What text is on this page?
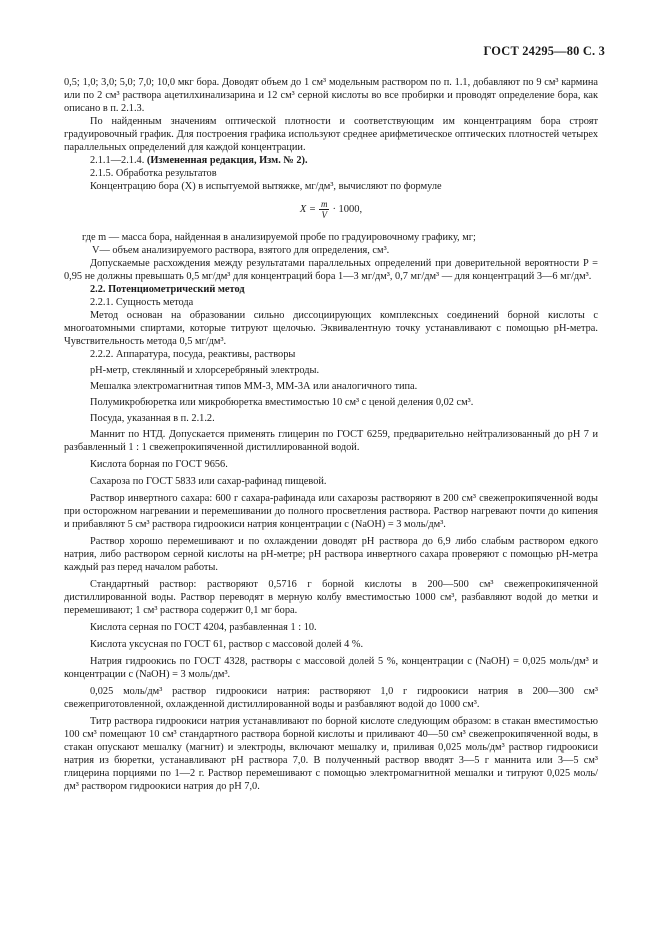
ГОСТ 24295—80 С. 3

0,5; 1,0; 3,0; 5,0; 7,0; 10,0 мкг бора. Доводят объем до 1 см³ модельным раствором по п. 1.1, добавляют по 9 см³ кармина или по 2 см³ раствора ацетилхинализарина и 12 см³ серной кислоты во все пробирки и проводят определение бора, как описано в п. 2.1.3.

По найденным значениям оптической плотности и соответствующим им концентрациям бора строят градуировочный график. Для построения графика используют среднее арифметическое оптических плотностей четырех параллельных определений для каждой концентрации.

2.1.1—2.1.4. (Измененная редакция, Изм. № 2).

2.1.5. Обработка результатов

Концентрацию бора (X) в испытуемой вытяжке, мг/дм³, вычисляют по формуле

$X = \frac{m}{V} \cdot 1000$,

где m — масса бора, найденная в анализируемой пробе по градуировочному графику, мг;

V— объем анализируемого раствора, взятого для определения, см³.

Допускаемые расхождения между результатами параллельных определений при доверительной вероятности P = 0,95 не должны превышать 0,5 мг/дм³ для концентраций бора 1—3 мг/дм³, 0,7 мг/дм³ — для концентраций 3—6 мг/дм³.

2.2. Потенциометрический метод

2.2.1. Сущность метода

Метод основан на образовании сильно диссоциирующих комплексных соединений борной кислоты с многоатомными спиртами, которые титруют щелочью. Эквивалентную точку устанавливают с помощью pH-метра. Чувствительность метода 0,5 мг/дм³.

2.2.2. Аппаратура, посуда, реактивы, растворы

pH-метр, стеклянный и хлорсеребряный электроды.

Мешалка электромагнитная типов ММ-3, ММ-3А или аналогичного типа.

Полумикробюретка или микробюретка вместимостью 10 см³ с ценой деления 0,02 см³.

Посуда, указанная в п. 2.1.2.

Маннит по НТД. Допускается применять глицерин по ГОСТ 6259, предварительно нейтрализованный до pH 7 и разбавленный 1 : 1 свежепрокипяченной дистиллированной водой.

Кислота борная по ГОСТ 9656.

Сахароза по ГОСТ 5833 или сахар-рафинад пищевой.

Раствор инвертного сахара: 600 г сахара-рафинада или сахарозы растворяют в 200 см³ свежепрокипяченной воды при осторожном нагревании и перемешивании до полного просветления раствора. Раствор нагревают почти до кипения и прибавляют 5 см³ раствора гидроокиси натрия концентрации с (NaOH) = 3 моль/дм³.

Раствор хорошо перемешивают и по охлаждении доводят pH раствора до 6,9 либо слабым раствором едкого натрия, либо раствором серной кислоты на pH-метре; pH раствора инвертного сахара проверяют с помощью pH-метра каждый раз перед началом работы.

Стандартный раствор: растворяют 0,5716 г борной кислоты в 200—500 см³ свежепрокипяченной дистиллированной воды. Раствор переводят в мерную колбу вместимостью 1000 см³, разбавляют водой до метки и перемешивают; 1 см³ раствора содержит 0,1 мг бора.

Кислота серная по ГОСТ 4204, разбавленная 1 : 10.

Кислота уксусная по ГОСТ 61, раствор с массовой долей 4 %.

Натрия гидроокись по ГОСТ 4328, растворы с массовой долей 5 %, концентрации с (NaOH) = 0,025 моль/дм³ и концентрации с (NaOH) = 3 моль/дм³.

0,025 моль/дм³ раствор гидроокиси натрия: растворяют 1,0 г гидроокиси натрия в 200—300 см³ свежеприготовленной, охлажденной дистиллированной воды и разбавляют водой до 1000 см³.

Титр раствора гидроокиси натрия устанавливают по борной кислоте следующим образом: в стакан вместимостью 100 см³ помещают 10 см³ стандартного раствора борной кислоты и приливают 40—50 см³ свежепрокипяченной воды, в стакан опускают мешалку (магнит) и электроды, включают мешалку и, приливая 0,025 моль/дм³ раствор гидроокиси натрия из бюретки, устанавливают pH раствора 7,0. В полученный раствор вводят 3—5 г маннита или 3—5 см³ глицерина порциями по 1—2 г. Раствор перемешивают с помощью электромагнитной мешалки и титруют 0,025 моль/дм³ раствором гидроокиси натрия до pH 7,0.
